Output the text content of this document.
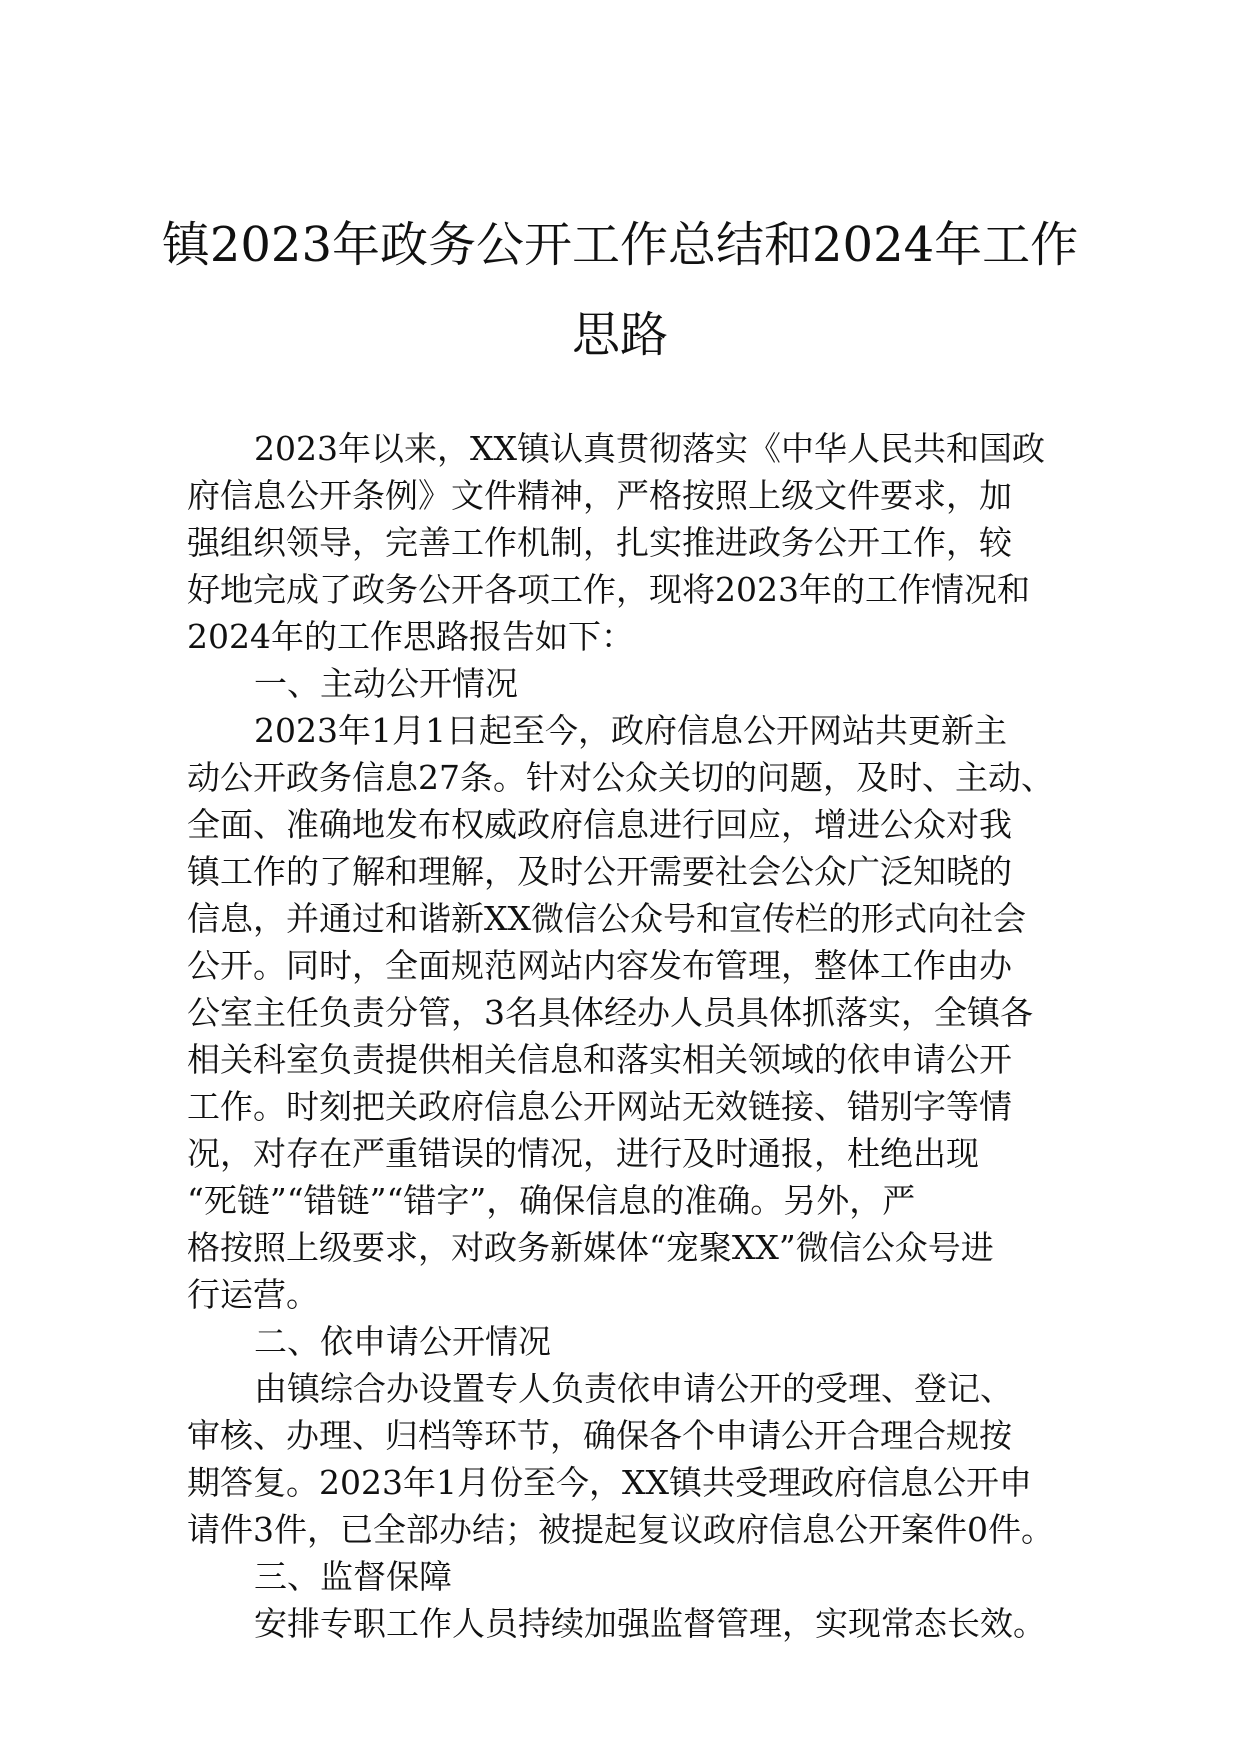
镇2023年政务公开工作总结和2024年工作
思路
2023年以来，XX镇认真贯彻落实《中华人民共和国政
府信息公开条例》文件精神，严格按照上级文件要求，加
强组织领导，完善工作机制，扎实推进政务公开工作，较
好地完成了政务公开各项工作，现将2023年的工作情况和
2024年的工作思路报告如下：
一、主动公开情况
2023年1月1日起至今，政府信息公开网站共更新主
动公开政务信息27条。针对公众关切的问题，及时、主动、
全面、准确地发布权威政府信息进行回应，增进公众对我
镇工作的了解和理解，及时公开需要社会公众广泛知晓的
信息，并通过和谐新XX微信公众号和宣传栏的形式向社会
公开。同时，全面规范网站内容发布管理，整体工作由办
公室主任负责分管，3名具体经办人员具体抓落实，全镇各
相关科室负责提供相关信息和落实相关领域的依申请公开
工作。时刻把关政府信息公开网站无效链接、错别字等情
况，对存在严重错误的情况，进行及时通报，杜绝出现
“死链”“错链”“错字”，确保信息的准确。另外，严
格按照上级要求，对政务新媒体“宠聚XX”微信公众号进
行运营。
二、依申请公开情况
由镇综合办设置专人负责依申请公开的受理、登记、
审核、办理、归档等环节，确保各个申请公开合理合规按
期答复。2023年1月份至今，XX镇共受理政府信息公开申
请件3件，已全部办结；被提起复议政府信息公开案件0件。
三、监督保障
安排专职工作人员持续加强监督管理，实现常态长效。
